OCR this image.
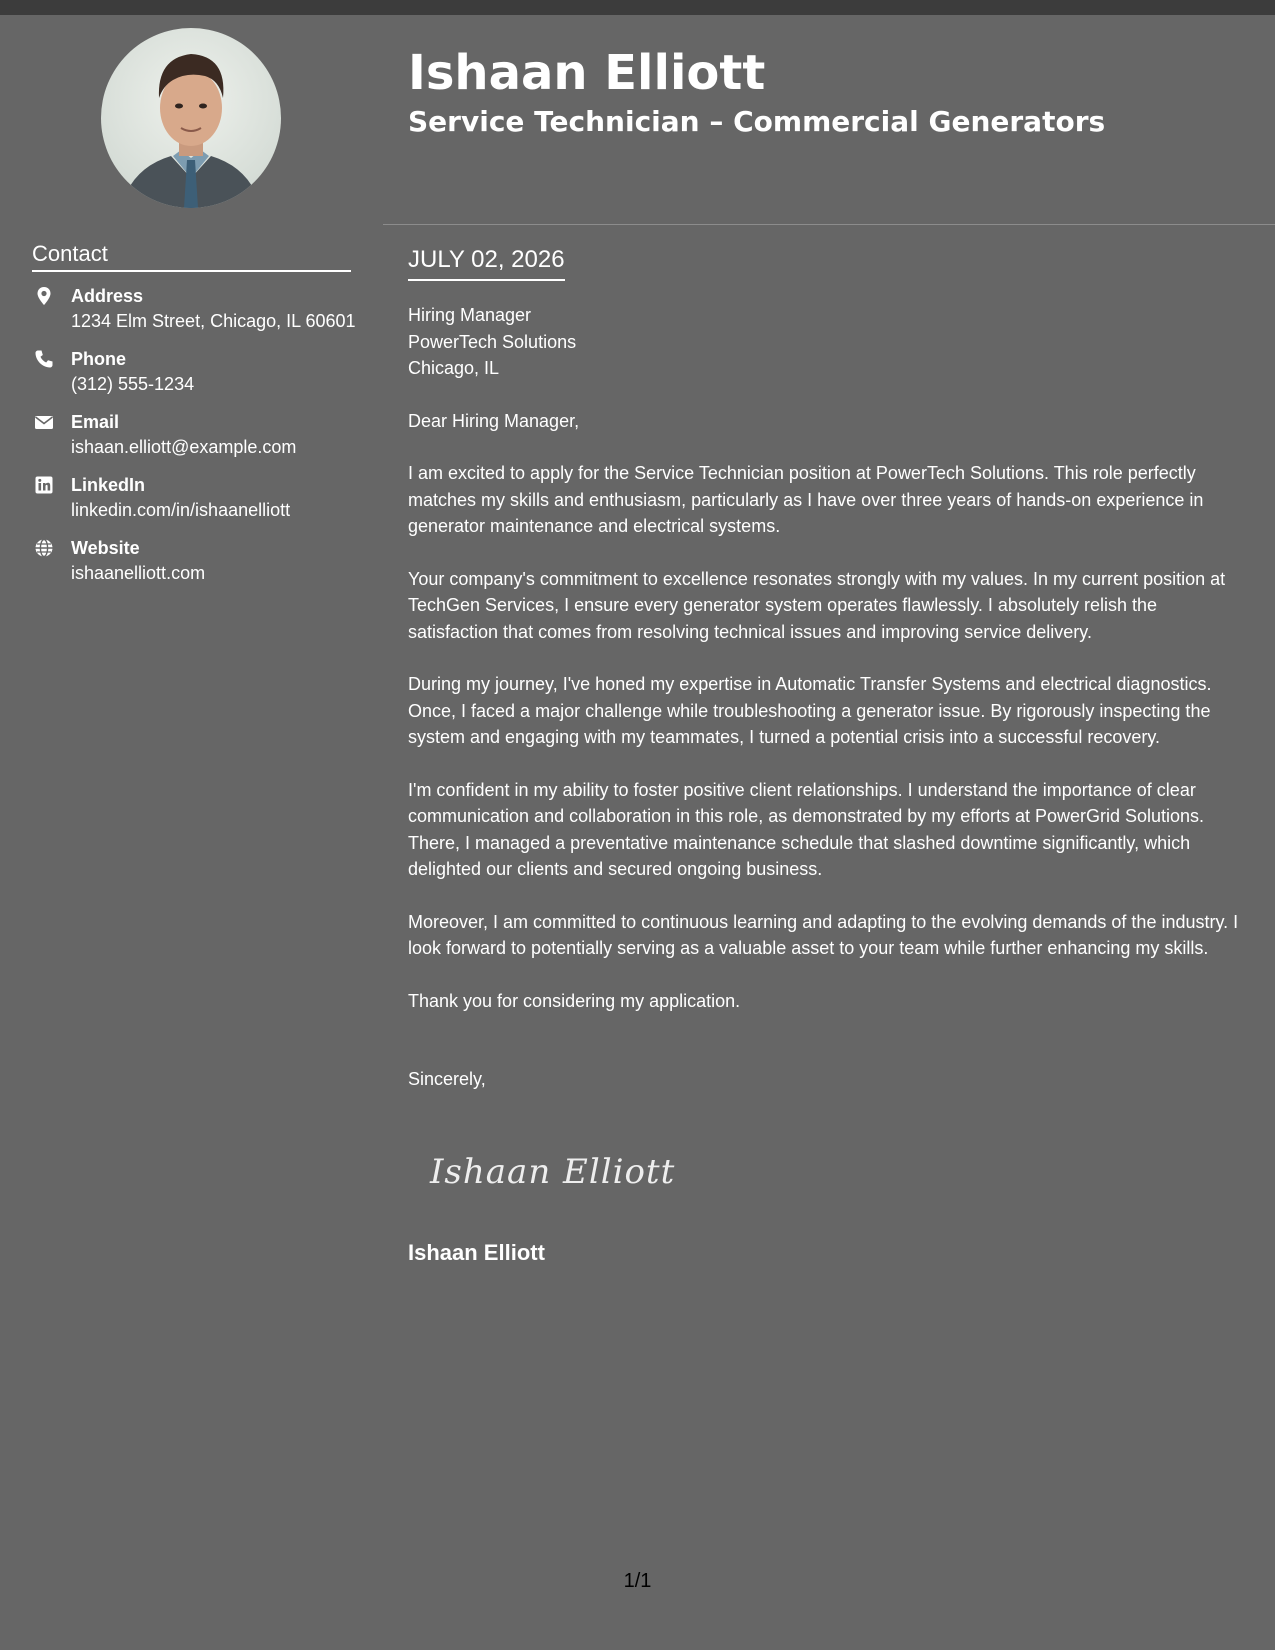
Contact
Address
1234 Elm Street, Chicago, IL 60601
Phone
(312) 555-1234
Email
ishaan.elliott@example.com
LinkedIn
linkedin.com/in/ishaanelliott
Website
ishaanelliott.com
Ishaan Elliott
Service Technician – Commercial Generators
JULY 02, 2026
Hiring Manager
PowerTech Solutions
Chicago, IL

Dear Hiring Manager,

I am excited to apply for the Service Technician position at PowerTech Solutions. This role perfectly matches my skills and enthusiasm, particularly as I have over three years of hands-on experience in generator maintenance and electrical systems.

Your company's commitment to excellence resonates strongly with my values. In my current position at TechGen Services, I ensure every generator system operates flawlessly. I absolutely relish the satisfaction that comes from resolving technical issues and improving service delivery.

During my journey, I've honed my expertise in Automatic Transfer Systems and electrical diagnostics. Once, I faced a major challenge while troubleshooting a generator issue. By rigorously inspecting the system and engaging with my teammates, I turned a potential crisis into a successful recovery.

I'm confident in my ability to foster positive client relationships. I understand the importance of clear communication and collaboration in this role, as demonstrated by my efforts at PowerGrid Solutions. There, I managed a preventative maintenance schedule that slashed downtime significantly, which delighted our clients and secured ongoing business.

Moreover, I am committed to continuous learning and adapting to the evolving demands of the industry. I look forward to potentially serving as a valuable asset to your team while further enhancing my skills.

Thank you for considering my application.

Sincerely,

Ishaan Elliott
Ishaan Elliott
1/1
